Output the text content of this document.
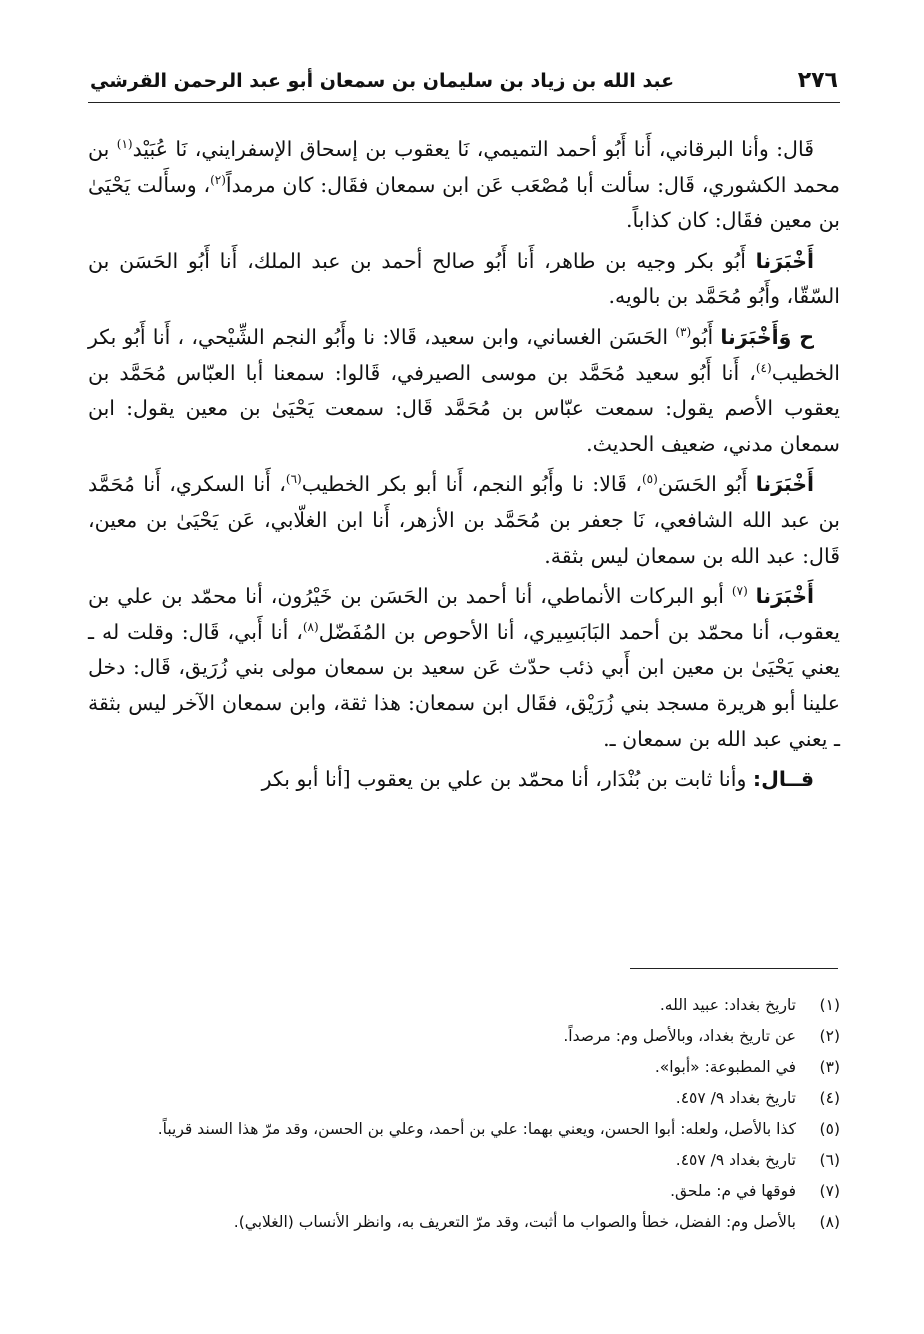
٢٧٦
عبد الله بن زياد بن سليمان بن سمعان أبو عبد الرحمن القرشي

قَال: وأنا البرقاني، أَنا أَبُو أحمد التميمي، نَا يعقوب بن إسحاق الإسفرايني، نَا عُبَيْد$^{(١)}$ بن محمد الكشوري، قَال: سألت أبا مُصْعَب عَن ابن سمعان فقَال: كان مرمداً$^{(٢)}$، وسأَلت يَحْيَىٰ بن معين فقَال: كان كذاباً.

أَخْبَرَنا أَبُو بكر وجيه بن طاهر، أَنا أَبُو صالح أحمد بن عبد الملك، أَنا أَبُو الحَسَن بن السّقّا، وأَبُو مُحَمَّد بن بالويه.

ح وَأَخْبَرَنا أَبُو$^{(٣)}$ الحَسَن الغساني، وابن سعيد، قَالا: نا وأَبُو النجم الشِّيْحي، ، أَنا أَبُو بكر الخطيب$^{(٤)}$، أَنا أَبُو سعيد مُحَمَّد بن موسى الصيرفي، قَالوا: سمعنا أبا العبّاس مُحَمَّد بن يعقوب الأصم يقول: سمعت عبّاس بن مُحَمَّد قَال: سمعت يَحْيَىٰ بن معين يقول: ابن سمعان مدني، ضعيف الحديث.

أَخْبَرَنا أَبُو الحَسَن$^{(٥)}$، قَالا: نا وأَبُو النجم، أَنا أبو بكر الخطيب$^{(٦)}$، أَنا السكري، أَنا مُحَمَّد بن عبد الله الشافعي، نَا جعفر بن مُحَمَّد بن الأزهر، أَنا ابن الغلّابي، عَن يَحْيَىٰ بن معين، قَال: عبد الله بن سمعان ليس بثقة.

أَخْبَرَنا $^{(٧)}$ أبو البركات الأنماطي، أنا أحمد بن الحَسَن بن خَيْرُون، أنا محمّد بن علي بن يعقوب، أنا محمّد بن أحمد البَابَسِيري، أنا الأحوص بن المُفَضّل$^{(٨)}$، أنا أَبي، قَال: وقلت له ـ يعني يَحْيَىٰ بن معين ابن أَبي ذئب حدّث عَن سعيد بن سمعان مولى بني زُرَيق، قَال: دخل علينا أبو هريرة مسجد بني زُرَيْق، فقَال ابن سمعان: هذا ثقة، وابن سمعان الآخر ليس بثقة ـ يعني عبد الله بن سمعان ـ.

قــال: وأنا ثابت بن بُنْدَار، أنا محمّد بن علي بن يعقوب [أنا أبو بكر

(١)
تاريخ بغداد: عبيد الله.
(٢)
عن تاريخ بغداد، وبالأصل وم: مرصداً.
(٣)
في المطبوعة: «أبوا».
(٤)
تاريخ بغداد ٩/ ٤٥٧.
(٥)
كذا بالأصل، ولعله: أبوا الحسن، ويعني بهما: علي بن أحمد، وعلي بن الحسن، وقد مرّ هذا السند قريباً.
(٦)
تاريخ بغداد ٩/ ٤٥٧.
(٧)
فوقها في م: ملحق.
(٨)
بالأصل وم: الفضل، خطأ والصواب ما أثبت، وقد مرّ التعريف به، وانظر الأنساب (الغلابي).
